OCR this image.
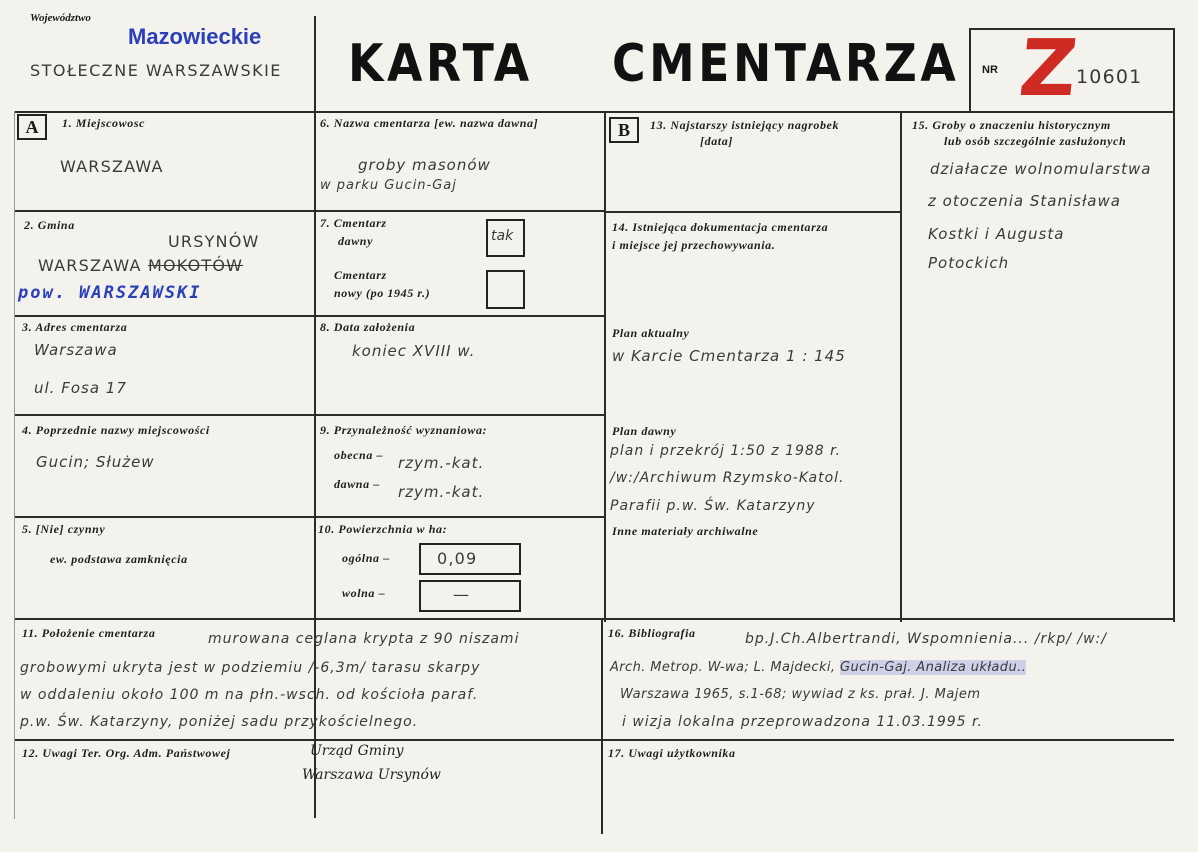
Województwo
Mazowieckie
STOŁECZNE WARSZAWSKIE KARTA CMENTARZA NR Z
10601
A	1. Miejscowosc
WARSZAWA
2. Gmina
URSYNÓW
WARSZAWA MOKOTÓW
pow. WARSZAWSKI
3. Adres cmentarza
Warszawa
ul. Fosa 17
4. Poprzednie nazwy miejscowości
Gucin; Służew
5. [Nie] czynny
ew. podstawa zamknięcia
6. Nazwa cmentarza [ew. nazwa dawna]
groby masonów
w parku Gucin-Gaj
7. Cmentarz
dawny	tak
Cmentarz
nowy (po 1945 r.)
8. Data założenia
koniec XVIII w.
9. Przynależność wyznaniowa:
obecna – rzym.-kat.
dawna – rzym.-kat.
10. Powierzchnia w ha:
ogólna –	0,09
wolna –	—
B	13. Najstarszy istniejący nagrobek
[data]
14. Istniejąca dokumentacja cmentarza
i miejsce jej przechowywania.
Plan aktualny
w Karcie Cmentarza 1 : 145
Plan dawny
plan i przekrój 1:50 z 1988 r.
/w:/Archiwum Rzymsko-Katol.
Parafii p.w. Św. Katarzyny
Inne materiały archiwalne
15. Groby o znaczeniu historycznym
lub osób szczególnie zasłużonych
działacze wolnomularstwa
z otoczenia Stanisława
Kostki i Augusta
Potockich
11. Położenie cmentarza	murowana ceglana krypta z 90 niszami
grobowymi ukryta jest w podziemiu /-6,3m/ tarasu skarpy
w oddaleniu około 100 m na płn.-wsch. od kościoła paraf.
p.w. Św. Katarzyny, poniżej sadu przykościelnego.
12. Uwagi Ter. Org. Adm. Państwowej	Urząd Gminy
Warszawa Ursynów
16. Bibliografia	bp.J.Ch.Albertrandi, Wspomnienia... /rkp/ /w:/
Arch. Metrop. W-wa; L. Majdecki, Gucin-Gaj. Analiza układu..
Warszawa 1965, s.1-68; wywiad z ks. prał. J. Majem
i wizja lokalna przeprowadzona 11.03.1995 r.
17. Uwagi użytkownika
